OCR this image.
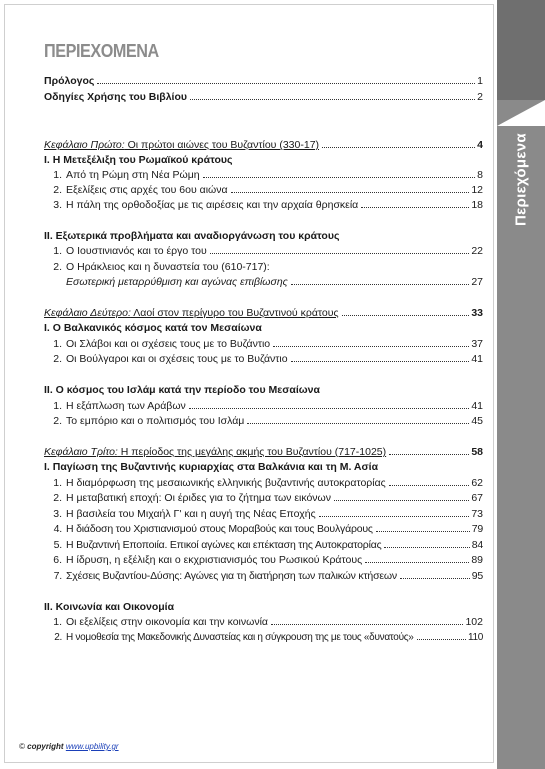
Περιεχόμενα
ΠΕΡΙΕΧΟΜΕΝΑ
Πρόλογος	1
Οδηγίες Χρήσης του Βιβλίου	2
Κεφάλαιο Πρώτο: Οι πρώτοι αιώνες του Βυζαντίου (330-17)	4
I. Η Μετεξέλιξη του Ρωμαϊκού κράτους
1. Από τη Ρώμη στη Νέα Ρώμη	8
2. Εξελίξεις στις αρχές του 6ου αιώνα	12
3. Η πάλη της ορθοδοξίας με τις αιρέσεις και την αρχαία θρησκεία	18
II. Εξωτερικά προβλήματα και αναδιοργάνωση του κράτους
1. Ο Ιουστινιανός και το έργο του	22
2. Ο Ηράκλειος και η δυναστεία του (610-717):
Εσωτερική μεταρρύθμιση και αγώνας επιβίωσης	27
Κεφάλαιο Δεύτερο: Λαοί στον περίγυρο του Βυζαντινού κράτους	33
I. Ο Βαλκανικός κόσμος κατά τον Μεσαίωνα
1. Οι Σλάβοι και οι σχέσεις τους με το Βυζάντιο	37
2. Οι Βούλγαροι και οι σχέσεις τους με το Βυζάντιο	41
II. Ο κόσμος του Ισλάμ κατά την περίοδο του Μεσαίωνα
1. Η εξάπλωση των Αράβων	41
2. Το εμπόριο και ο πολιτισμός του Ισλάμ	45
Κεφάλαιο Τρίτο: Η περίοδος της μεγάλης ακμής του Βυζαντίου (717-1025)	58
I. Παγίωση της Βυζαντινής κυριαρχίας στα Βαλκάνια και τη Μ. Ασία
1. Η διαμόρφωση της μεσαιωνικής ελληνικής βυζαντινής αυτοκρατορίας	62
2. Η μεταβατική εποχή: Οι έριδες για το ζήτημα των εικόνων	67
3. Η βασιλεία του Μιχαήλ Γ' και η αυγή της Νέας Εποχής	73
4. Η διάδοση του Χριστιανισμού στους Μοραβούς και τους Βουλγάρους	79
5. Η Βυζαντινή Εποποιία. Επικοί αγώνες και επέκταση της Αυτοκρατορίας	84
6. Η ίδρυση, η εξέλιξη και ο εκχριστιανισμός του Ρωσικού Κράτους	89
7. Σχέσεις Βυζαντίου-Δύσης: Αγώνες για τη διατήρηση των παλικών κτήσεων	95
II. Κοινωνία και Οικονομία
1. Οι εξελίξεις στην οικονομία και την κοινωνία	102
2. Η νομοθεσία της Μακεδονικής Δυναστείας και η σύγκρουση της με τους «δυνατούς»	110
© copyright www.upbility.gr
